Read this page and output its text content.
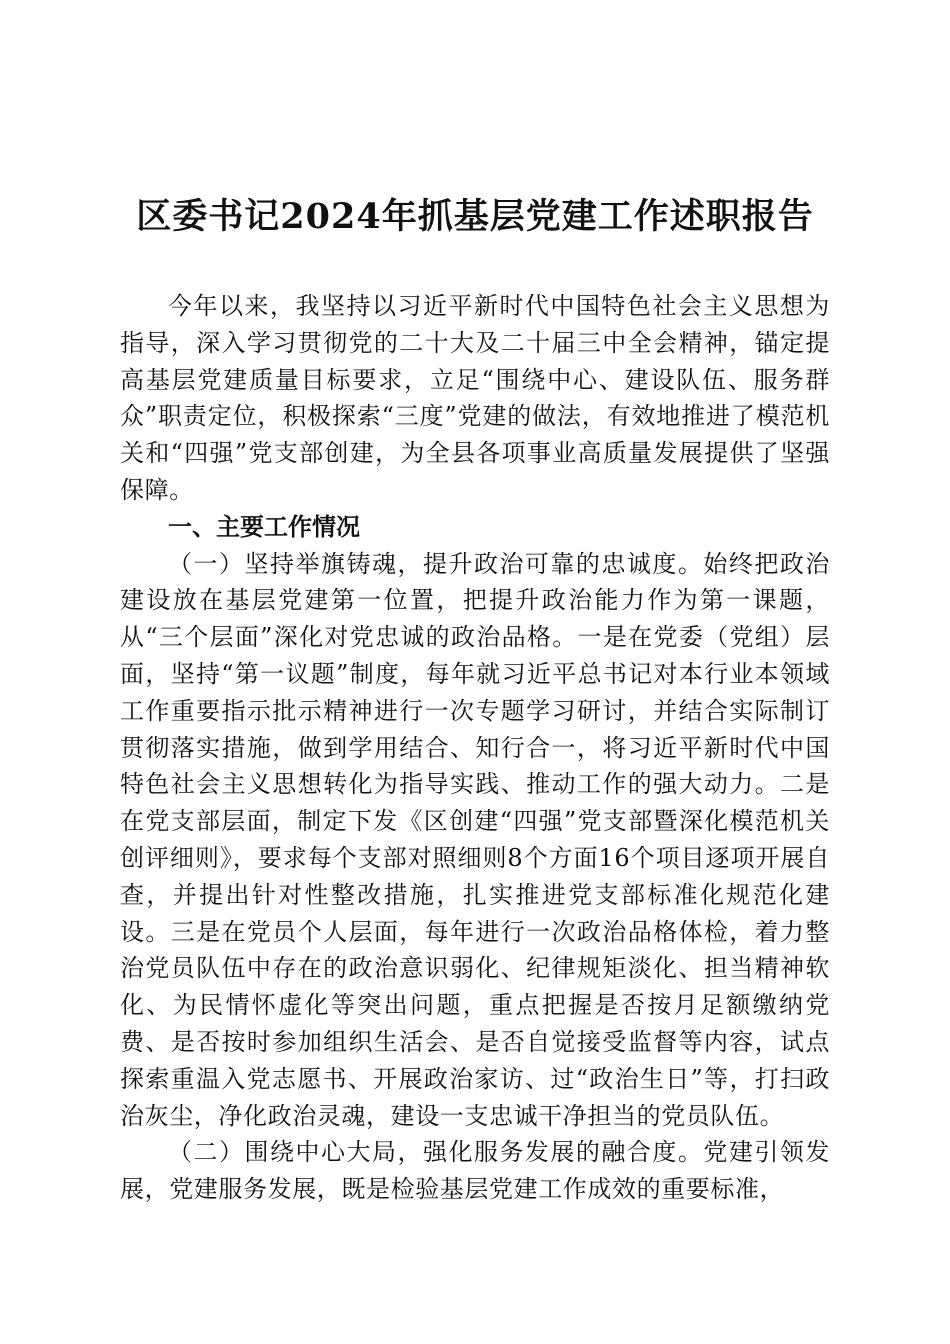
区委书记2024年抓基层党建工作述职报告

今年以来，我坚持以习近平新时代中国特色社会主义思想为指导，深入学习贯彻党的二十大及二十届三中全会精神，锚定提高基层党建质量目标要求，立足“围绕中心、建设队伍、服务群众”职责定位，积极探索“三度”党建的做法，有效地推进了模范机关和“四强”党支部创建，为全县各项事业高质量发展提供了坚强保障。

一、主要工作情况

（一）坚持举旗铸魂，提升政治可靠的忠诚度。始终把政治建设放在基层党建第一位置，把提升政治能力作为第一课题，从“三个层面”深化对党忠诚的政治品格。一是在党委（党组）层面，坚持“第一议题”制度，每年就习近平总书记对本行业本领域工作重要指示批示精神进行一次专题学习研讨，并结合实际制订贯彻落实措施，做到学用结合、知行合一，将习近平新时代中国特色社会主义思想转化为指导实践、推动工作的强大动力。二是在党支部层面，制定下发《区创建“四强”党支部暨深化模范机关创评细则》，要求每个支部对照细则8个方面16个项目逐项开展自查，并提出针对性整改措施，扎实推进党支部标准化规范化建设。三是在党员个人层面，每年进行一次政治品格体检，着力整治党员队伍中存在的政治意识弱化、纪律规矩淡化、担当精神软化、为民情怀虚化等突出问题，重点把握是否按月足额缴纳党费、是否按时参加组织生活会、是否自觉接受监督等内容，试点探索重温入党志愿书、开展政治家访、过“政治生日”等，打扫政治灰尘，净化政治灵魂，建设一支忠诚干净担当的党员队伍。

（二）围绕中心大局，强化服务发展的融合度。党建引领发展，党建服务发展，既是检验基层党建工作成效的重要标准，
